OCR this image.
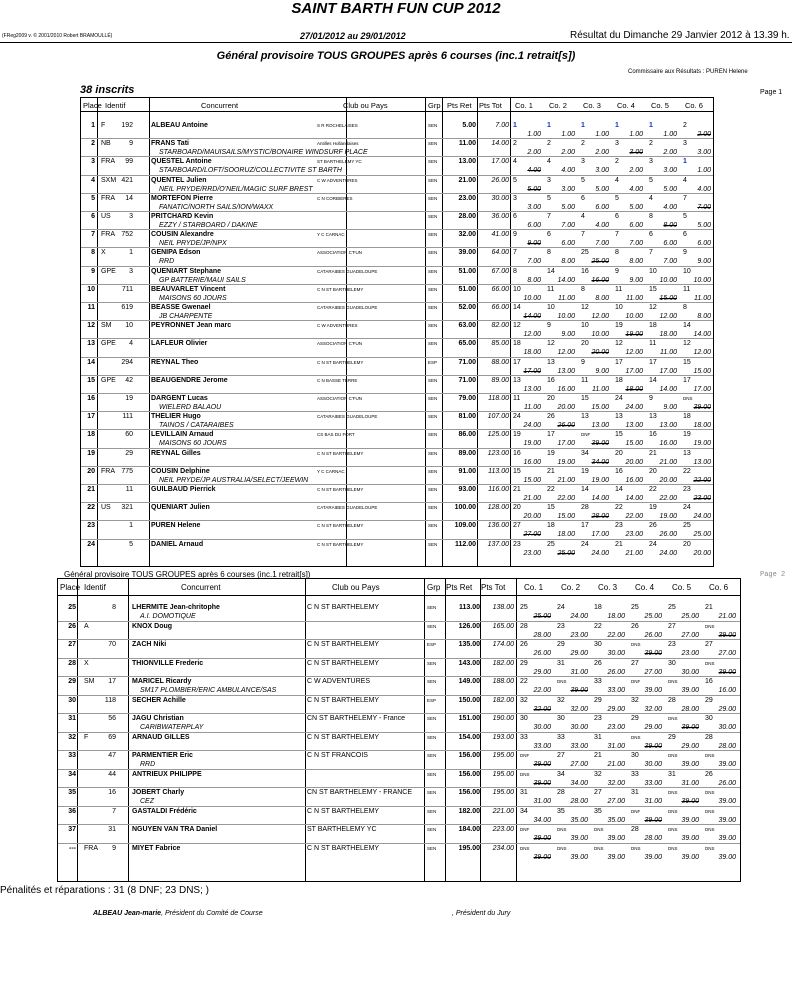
SAINT BARTH FUN CUP 2012
(FReg2009 v. © 2001/2010 Robert BRAMOULLÉ)	27/01/2012 au 29/01/2012	Résultat du Dimanche 29 Janvier 2012 à 13.39 h.
Général provisoire TOUS GROUPES après 6 courses (inc.1 retrait[s])
Commissaire aux Résultats : PUREN Helene
38 inscrits	Page 1
Général provisoire TOUS GROUPES après 6 courses (inc.1 retrait[s])	Page 2
Place Identif	Concurrent	Club ou Pays	Grp Pts Ret Pts Tot Co. 1 Co. 2 Co. 3 Co. 4 Co. 5 Co. 6
1 F	192	ALBEAU Antoine	S R ROCHELAISES	SEN	5.00	7.00 1	1	1	1	1	2
1.00	1.00	1.00	1.00	1.00	2.00
2 NB	9	FRANS Tati
STARBOARD/MAUISAILS/MYSTIC/BONAIRE WINDSURF PLACE
Antilles Hollandaises	SEN	11.00	14.00 2	2	2	3	2	3
2.00	2.00	2.00	3.00	2.00	3.00
3 FRA	99	QUESTEL Antoine
STARBOARD/LOFT/SOORUZ/COLLECTIVITE ST BARTH
ST BARTHELEMY YC	SEN	13.00	17.00 4	4	3	2	3	1
4.00	4.00	3.00	2.00	3.00	1.00
4 SXM 421	QUENTEL Julien
NEIL PRYDE/RRD/O'NEIL/MAGIC SURF BREST
C W ADVENTURES	SEN	21.00	26.00 5	3	5	4	5	4
5.00	3.00	5.00	4.00	5.00	4.00
5 FRA	14	MORTEFON Pierre
FANATIC/NORTH SAILS/ION/WAXX
C N CORBIERES	SEN	23.00	30.00 3	5	6	5	4	7
3.00	5.00	6.00	5.00	4.00	7.00
6 US	3	PRITCHARD Kevin
EZZY / STARBOARD / DAKINE
SEN	28.00	36.00 6	7	4	6	8	5
6.00	7.00	4.00	6.00	8.00	5.00
7 FRA 752	COUSIN Alexandre
NEIL PRYDE/JP/NPX
Y C CARNAC	SEN	32.00	41.00 9	6	7	7	6	6
9.00	6.00	7.00	7.00	6.00	6.00
8 X	1	GENIPA Edson
RRD
ASSOCIATION C'FUN	SEN	39.00	64.00 7	8	25	8	7	9
7.00	8.00	25.00	8.00	7.00	9.00
9 GPE	3	QUENIART Stephane
GP BATTERIE/MAUI SAILS
CATARAIBES GUADELOUPE	SEN	51.00	67.00 8	14	16	9	10	10
8.00	14.00	16.00	9.00	10.00	10.00
10	711	BEAUVARLET Vincent
MAISONS 60 JOURS
C N ST BARTHELEMY	SEN	51.00	66.00 10	11	8	11	15	11
10.00	11.00	8.00	11.00	15.00	11.00
11	619	BEASSE Gwenael
JB CHARPENTE
CATARAIBES GUADELOUPE	SEN	52.00	66.00 14	10	12	10	12	8
14.00	10.00	12.00	10.00	12.00	8.00
12 SM	10	PEYRONNET Jean marc	C W ADVENTURES	SEN	63.00	82.00 12	9	10	19	18	14
12.00	9.00	10.00	19.00	18.00	14.00
13 GPE	4	LAFLEUR Olivier	ASSOCIATION C'FUN	SEN	65.00	85.00 18	12	20	12	11	12
18.00	12.00	20.00	12.00	11.00	12.00
14	294	REYNAL Theo	C N ST BARTHELEMY	ESP	71.00	88.00 17	13	9	17	17	15
17.00	13.00	9.00	17.00	17.00	15.00
15 GPE	42	BEAUGENDRE Jerome	C N BASSE TERRE	SEN	71.00	89.00 13	16	11	18	14	17
13.00	16.00	11.00	18.00	14.00	17.00
16	19	DARGENT Lucas
WIELERD BALAOU
ASSOCIATION C'FUN	SEN	79.00	118.00 11	20	15	24	9	DNS
11.00	20.00	15.00	24.00	9.00	39.00
17	111	THELIER Hugo
TAINOS / CATARAIBES
CATARAIBES GUADELOUPE	SEN	81.00	107.00 24	26	13	13	13	18
24.00	26.00	13.00	13.00	13.00	18.00
18	60	LEVILLAIN Arnaud
MAISONS 60 JOURS
CS BAS DU FORT	SEN	86.00	125.00 19	17	DNF	15	16	19
19.00	17.00	39.00	15.00	16.00	19.00
19	29	REYNAL Gilles	C N ST BARTHELEMY	SEN	89.00	123.00 16	19	34	20	21	13
16.00	19.00	34.00	20.00	21.00	13.00
20 FRA 775	COUSIN Delphine
NEIL PRYDE/JP AUSTRALIA/SELECT/JEEWIN
Y C CARNAC	SEN	91.00	113.00 15	21	19	16	20	22
15.00	21.00	19.00	16.00	20.00	22.00
21	11	GUILBAUD Pierrick	C N ST BARTHELEMY	SEN	93.00	116.00 21	22	14	14	22	23
21.00	22.00	14.00	14.00	22.00	23.00
22 US	321	QUENIART Julien	CATARAIBES GUADELOUPE	SEN	100.00	128.00 20	15	28	22	19	24
20.00	15.00	28.00	22.00	19.00	24.00
23	1	PUREN Helene	C N ST BARTHELEMY	SEN	109.00	136.00 27	18	17	23	26	25
27.00	18.00	17.00	23.00	26.00	25.00
24	5	DANIEL Arnaud	C N ST BARTHELEMY	SEN	112.00	137.00 23	25	24	21	24	20
23.00	25.00	24.00	21.00	24.00	20.00
Place Identif	Concurrent	Club ou Pays	Grp Pts Ret Pts Tot Co. 1 Co. 2 Co. 3 Co. 4 Co. 5 Co. 6
25	8 LHERMITE Jean-chritophe
A.I. DOMOTIQUE
C N ST BARTHELEMY	SEN	113.00	138.00 25	24	18	25	25	21
25.00	24.00	18.00	25.00	25.00	21.00
26 A	KNOX Doug	SEN	126.00	165.00 28	23	22	26	27	DNS
28.00	23.00	22.00	26.00	27.00	39.00
27	70 ZACH Niki	C N ST BARTHELEMY	ESP	135.00	174.00 26	29	30	DNS	23	27
26.00	29.00	30.00	39.00	23.00	27.00
28 X	THIONVILLE Frederic	C N ST BARTHELEMY	SEN	143.00	182.00 29	31	26	27	30	DNS
29.00	31.00	26.00	27.00	30.00	39.00
29 SM	17 MARICEL Ricardy
SM17 PLOMBIER/ERIC AMBULANCE/SAS
C W ADVENTURES	SEN	149.00	188.00 22	DNS	33	DNF	DNS	16
22.00	39.00	33.00	39.00	39.00	16.00
30	118 SECHER Achille	C N ST BARTHELEMY	ESP	150.00	182.00 32	32	29	32	28	29
32.00	32.00	29.00	32.00	28.00	29.00
31	56 JAGU Christian
CARIBWATERPLAY
CN ST BARTHELEMY - France	SEN	151.00	190.00 30	30	23	29	DNS	30
30.00	30.00	23.00	29.00	39.00	30.00
32 F	69 ARNAUD GILLES	C N ST BARTHELEMY	SEN	154.00	193.00 33	33	31	DNS	29	28
33.00	33.00	31.00	39.00	29.00	28.00
33	47 PARMENTIER Eric
RRD
C N ST FRANCOIS	SEN	156.00	195.00 DNF	27	21	30	DNS	DNS
39.00	27.00	21.00	30.00	39.00	39.00
34	44 ANTRIEUX PHILIPPE	SEN	156.00	195.00 DNS	34	32	33	31	26
39.00	34.00	32.00	33.00	31.00	26.00
35	16 JOBERT Charly
CEZ
CN ST BARTHELEMY - FRANCE	SEN	156.00	195.00 31	28	27	31	DNS	DNS
31.00	28.00	27.00	31.00	39.00	39.00
36	7 GASTALDI Frédéric	C N ST BARTHELEMY	SEN	182.00	221.00 34	35	35	DNF	DNS	DNS
34.00	35.00	35.00	39.00	39.00	39.00
37	31 NGUYEN VAN TRA Daniel	ST BARTHELEMY YC	SEN	184.00	223.00 DNF	DNS	DNS	28	DNS	DNS
39.00	39.00	39.00	28.00	39.00	39.00
--- FRA	9 MIYET Fabrice	C N ST BARTHELEMY	SEN	195.00	234.00 DNS	DNS	DNS	DNS	DNS	DNS
39.00	39.00	39.00	39.00	39.00	39.00
Pénalités et réparations : 31 (8 DNF; 23 DNS; )
ALBEAU Jean-marie, Président du Comité de Course	, Président du Jury
